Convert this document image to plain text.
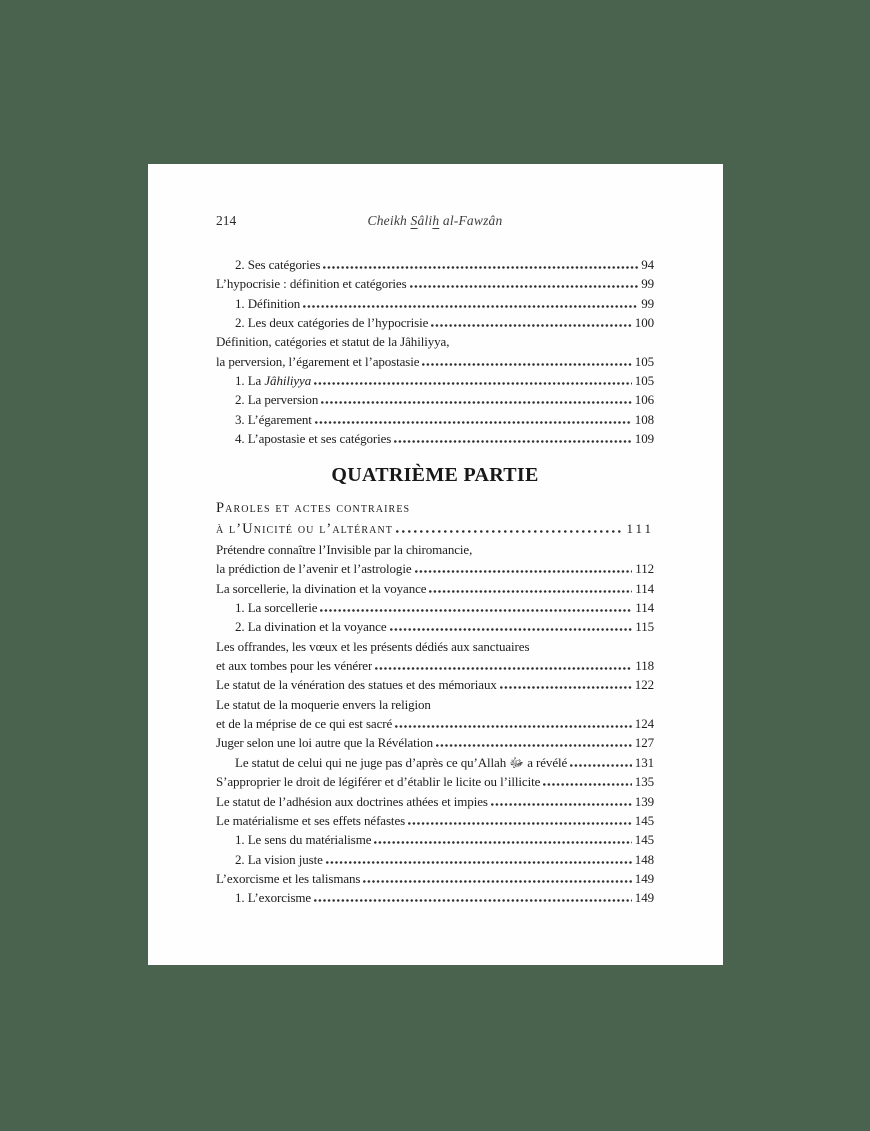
214	Cheikh Sâlih al-Fawzân
2. Ses catégories	94
L’hypocrisie : définition et catégories	99
1. Définition	99
2. Les deux catégories de l’hypocrisie	100
Définition, catégories et statut de la Jâhiliyya,
la perversion, l’égarement et l’apostasie	105
1. La Jâhiliyya	105
2. La perversion	106
3. L’égarement	108
4. L’apostasie et ses catégories	109
QUATRIÈME PARTIE
Paroles et actes contraires
à l’Unicité ou l’altérant	111
Prétendre connaître l’Invisible par la chiromancie,
la prédiction de l’avenir et l’astrologie	112
La sorcellerie, la divination et la voyance	114
1. La sorcellerie	114
2. La divination et la voyance	115
Les offrandes, les vœux et les présents dédiés aux sanctuaires
et aux tombes pour les vénérer	118
Le statut de la vénération des statues et des mémoriaux	122
Le statut de la moquerie envers la religion
et de la méprise de ce qui est sacré	124
Juger selon une loi autre que la Révélation	127
Le statut de celui qui ne juge pas d’après ce qu’Allah ﷻ a révélé	131
S’approprier le droit de légiférer et d’établir le licite ou l’illicite	135
Le statut de l’adhésion aux doctrines athées et impies	139
Le matérialisme et ses effets néfastes	145
1. Le sens du matérialisme	145
2. La vision juste	148
L’exorcisme et les talismans	149
1. L’exorcisme	149
